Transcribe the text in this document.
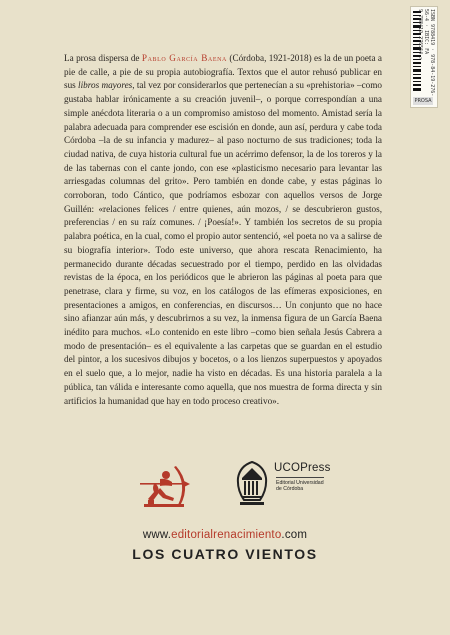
ISBN 9788419 · 978-84-19-276-56-4 · IBIC: FA
9 788419 276564 >
PROSA
La prosa dispersa de Pablo García Baena (Córdoba, 1921-2018) es la de un poeta a pie de calle, a pie de su propia autobiografía. Textos que el autor rehusó publicar en sus libros mayores, tal vez por considerarlos que pertenecían a su «prehistoria» –como gustaba hablar irónicamente a su creación juvenil–, o porque correspondían a una simple anécdota literaria o a un compromiso amistoso del momento. Amistad sería la palabra adecuada para comprender ese escisión en donde, aun así, perdura y cabe toda Córdoba –la de su infancia y madurez– al paso nocturno de sus tradiciones; toda la ciudad nativa, de cuya historia cultural fue un acérrimo defensor, la de los toreros y la de las tabernas con el cante jondo, con ese «plasticismo necesario para levantar las arriesgadas columnas del grito». Pero también en donde cabe, y estas páginas lo corroboran, todo Cántico, que podríamos esbozar con aquellos versos de Jorge Guillén: «relaciones felices / entre quienes, aún mozos, / se descubrieron gustos, preferencias / en su raíz comunes. / ¡Poesía!». Y también los secretos de su propia palabra poética, en la cual, como el propio autor sentenció, «el poeta no va a salirse de su biografía interior». Todo este universo, que ahora rescata Renacimiento, ha permanecido durante décadas secuestrado por el tiempo, perdido en las olvidadas revistas de la época, en los periódicos que le abrieron las páginas al poeta para que penetrase, clara y firme, su voz, en los catálogos de las efímeras exposiciones, en presentaciones a amigos, en conferencias, en discursos… Un conjunto que no hace sino afianzar aún más, y descubrirnos a su vez, la inmensa figura de un García Baena inédito para muchos. «Lo contenido en este libro –como bien señala Jesús Cabrera a modo de presentación– es el equivalente a las carpetas que se guardan en el estudio del pintor, a los sucesivos dibujos y bocetos, o a los lienzos superpuestos y apoyados en el suelo que, a lo mejor, nadie ha visto en décadas. Es una historia paralela a la pública, tan válida e interesante como aquella, que nos muestra de forma directa y sin artificios la humanidad que hay en todo proceso creativo».
UCOPress
Editorial Universidad
de Córdoba
www.editorialrenacimiento.com
LOS CUATRO VIENTOS
